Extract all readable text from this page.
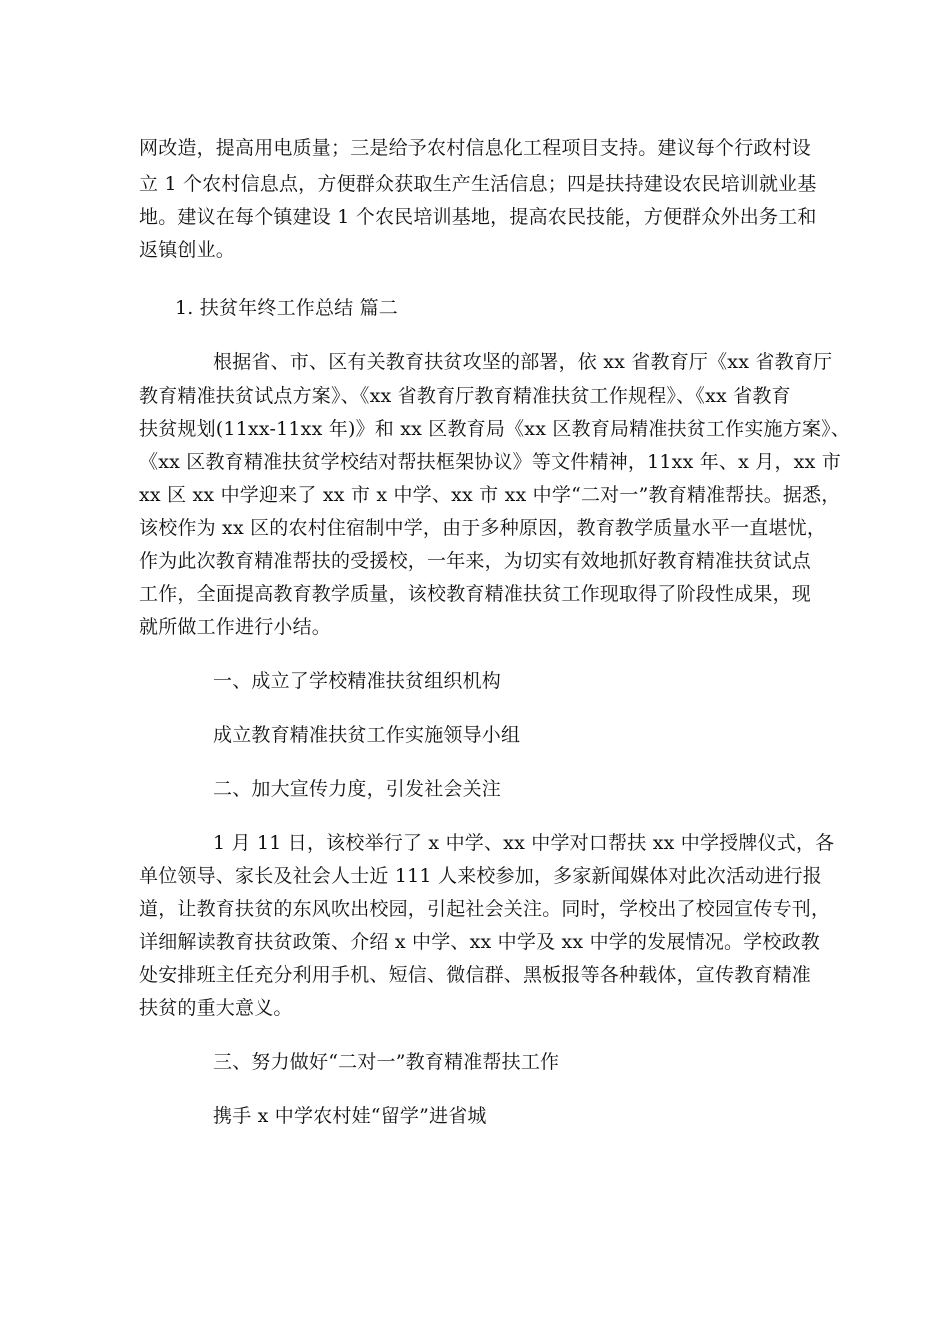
网改造，提高用电质量；三是给予农村信息化工程项目支持。建议每个行政村设
立 1 个农村信息点，方便群众获取生产生活信息；四是扶持建设农民培训就业基
地。建议在每个镇建设 1 个农民培训基地，提高农民技能，方便群众外出务工和
返镇创业。
1. 扶贫年终工作总结 篇二
根据省、市、区有关教育扶贫攻坚的部署，依 xx 省教育厅《xx 省教育厅
教育精准扶贫试点方案》、《xx 省教育厅教育精准扶贫工作规程》、《xx 省教育
扶贫规划(11xx-11xx 年)》和 xx 区教育局《xx 区教育局精准扶贫工作实施方案》、
《xx 区教育精准扶贫学校结对帮扶框架协议》等文件精神，11xx 年、x 月，xx 市
xx 区 xx 中学迎来了 xx 市 x 中学、xx 市 xx 中学“二对一”教育精准帮扶。据悉，
该校作为 xx 区的农村住宿制中学，由于多种原因，教育教学质量水平一直堪忧，
作为此次教育精准帮扶的受援校，一年来，为切实有效地抓好教育精准扶贫试点
工作，全面提高教育教学质量，该校教育精准扶贫工作现取得了阶段性成果，现
就所做工作进行小结。
一、成立了学校精准扶贫组织机构
成立教育精准扶贫工作实施领导小组
二、加大宣传力度，引发社会关注
1 月 11 日，该校举行了 x 中学、xx 中学对口帮扶 xx 中学授牌仪式，各
单位领导、家长及社会人士近 111 人来校参加，多家新闻媒体对此次活动进行报
道，让教育扶贫的东风吹出校园，引起社会关注。同时，学校出了校园宣传专刊，
详细解读教育扶贫政策、介绍 x 中学、xx 中学及 xx 中学的发展情况。学校政教
处安排班主任充分利用手机、短信、微信群、黑板报等各种载体，宣传教育精准
扶贫的重大意义。
三、努力做好“二对一”教育精准帮扶工作
携手 x 中学农村娃“留学”进省城
